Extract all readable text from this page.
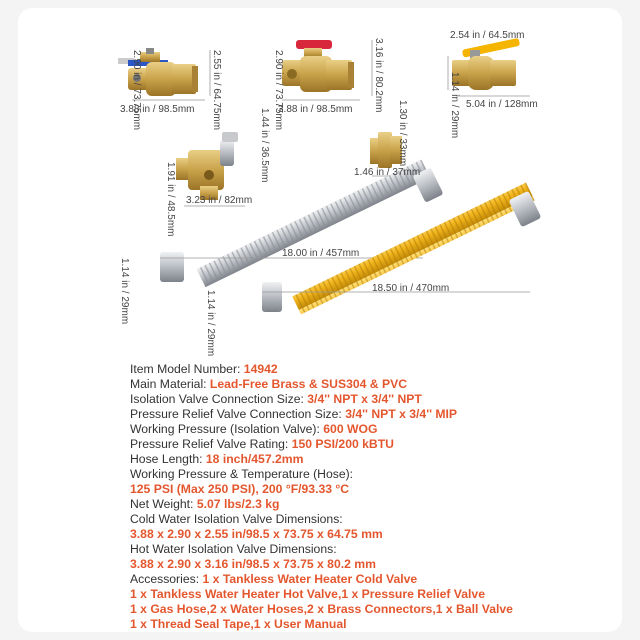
2.90 in / 73.75mm	2.55 in / 64.75mm
3.88 in / 98.5mm	2.90 in / 73.75mm	3.16 in / 80.2mm
3.88 in / 98.5mm
2.54 in / 64.5mm
1.14 in / 29mm 5.04 in / 128mm
1.91 in / 48.5mm
1.44 in / 36.5mm
3.23 in / 82mm
1.30 in / 33mm
1.46 in / 37mm
18.00 in / 457mm
1.14 in / 29mm	18.50 in / 470mm
1.14 in / 29mm
Item Model Number: 14942
Main Material: Lead-Free Brass & SUS304 & PVC
Isolation Valve Connection Size: 3/4'' NPT x 3/4'' NPT
Pressure Relief Valve Connection Size: 3/4'' NPT x 3/4'' MIP
Working Pressure (Isolation Valve): 600 WOG
Pressure Relief Valve Rating: 150 PSI/200 kBTU
Hose Length: 18 inch/457.2mm
Working Pressure & Temperature (Hose):
125 PSI (Max 250 PSI), 200 °F/93.33 °C
Net Weight: 5.07 lbs/2.3 kg
Cold Water Isolation Valve Dimensions:
3.88 x 2.90 x 2.55 in/98.5 x 73.75 x 64.75 mm
Hot Water Isolation Valve Dimensions:
3.88 x 2.90 x 3.16 in/98.5 x 73.75 x 80.2 mm
Accessories: 1 x Tankless Water Heater Cold Valve
1 x Tankless Water Heater Hot Valve,1 x Pressure Relief Valve
1 x Gas Hose,2 x Water Hoses,2 x Brass Connectors,1 x Ball Valve
1 x Thread Seal Tape,1 x User Manual
